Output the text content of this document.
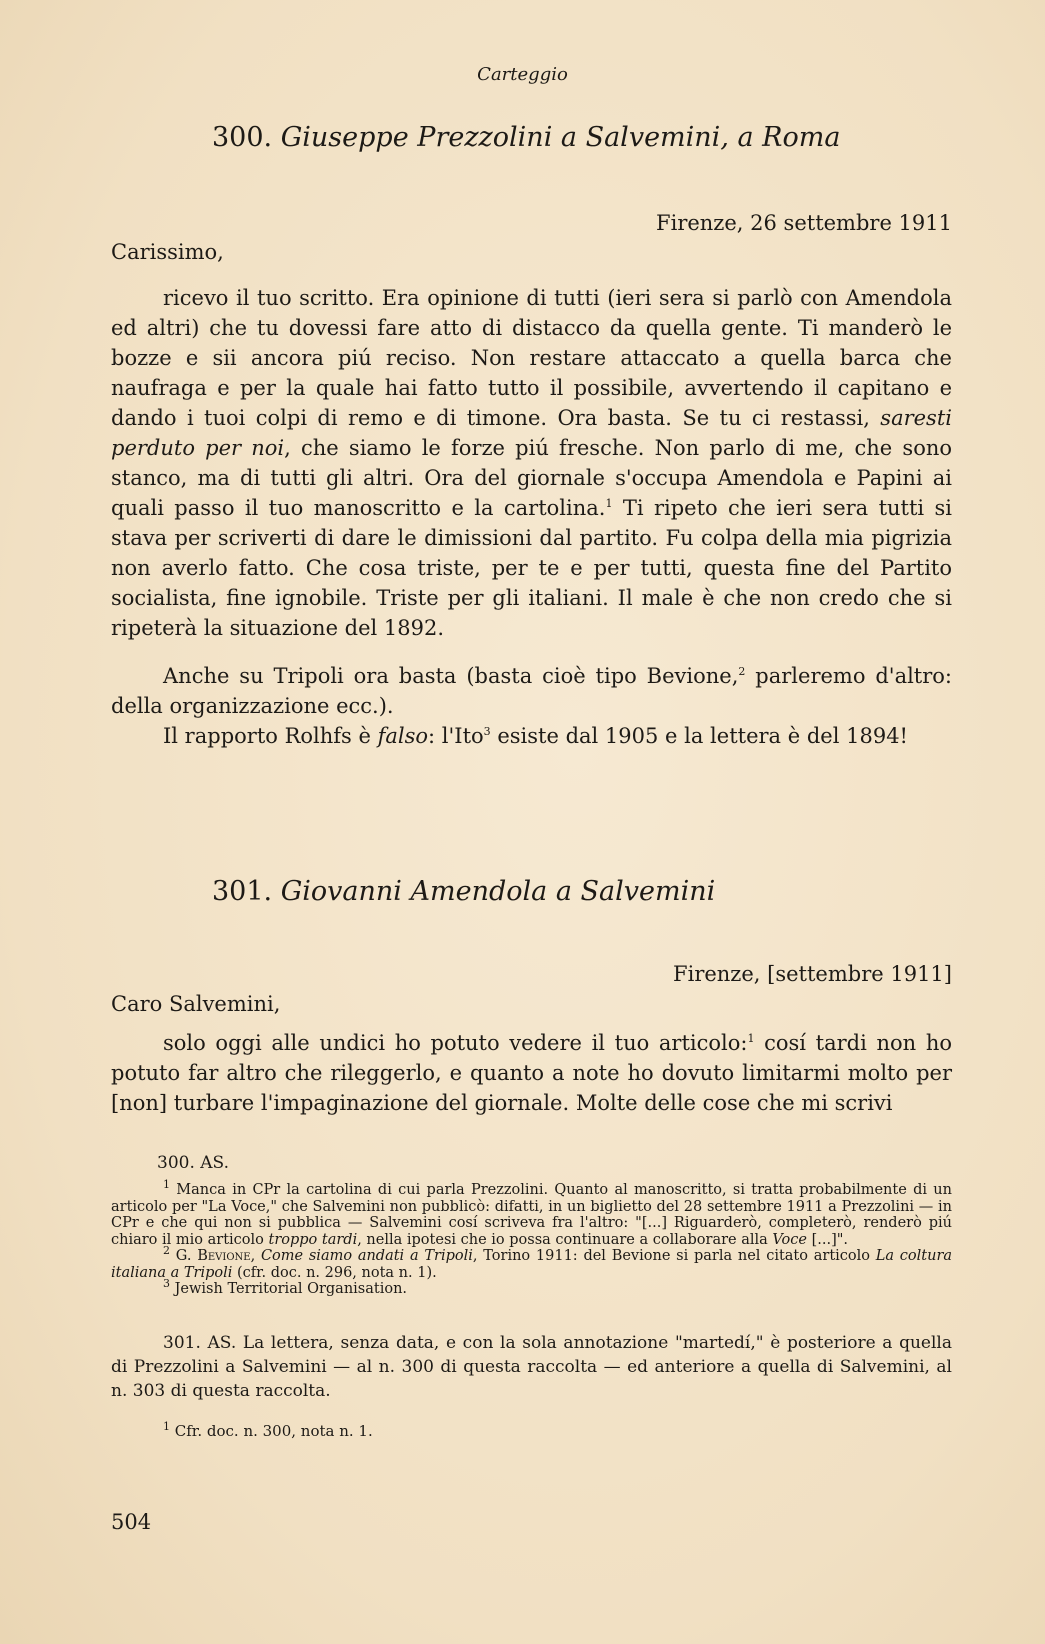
Carteggio
300. Giuseppe Prezzolini a Salvemini, a Roma
Firenze, 26 settembre 1911
Carissimo,

ricevo il tuo scritto. Era opinione di tutti (ieri sera si parlò con Amendola ed altri) che tu dovessi fare atto di distacco da quella gente. Ti manderò le bozze e sii ancora piú reciso. Non restare attaccato a quella barca che naufraga e per la quale hai fatto tutto il possibile, avvertendo il capitano e dando i tuoi colpi di remo e di timone. Ora basta. Se tu ci restassi, saresti perduto per noi, che siamo le forze piú fresche. Non parlo di me, che sono stanco, ma di tutti gli altri. Ora del giornale s'occupa Amendola e Papini ai quali passo il tuo manoscritto e la cartolina.$^1$ Ti ripeto che ieri sera tutti si stava per scriverti di dare le dimissioni dal partito. Fu colpa della mia pigrizia non averlo fatto. Che cosa triste, per te e per tutti, questa fine del Partito socialista, fine ignobile. Triste per gli italiani. Il male è che non credo che si ripeterà la situazione del 1892.

Anche su Tripoli ora basta (basta cioè tipo Bevione,$^2$ parleremo d'altro: della organizzazione ecc.).

Il rapporto Rolhfs è falso: l'Ito$^3$ esiste dal 1905 e la lettera è del 1894!

301. Giovanni Amendola a Salvemini
Firenze, [settembre 1911]
Caro Salvemini,

solo oggi alle undici ho potuto vedere il tuo articolo:$^1$ cosí tardi non ho potuto far altro che rileggerlo, e quanto a note ho dovuto limitarmi molto per [non] turbare l'impaginazione del giornale. Molte delle cose che mi scrivi

300. AS.

$^1$ Manca in CPr la cartolina di cui parla Prezzolini. Quanto al manoscritto, si tratta probabilmente di un articolo per "La Voce," che Salvemini non pubblicò: difatti, in un biglietto del 28 settembre 1911 a Prezzolini — in CPr e che qui non si pubblica — Salvemini cosí scriveva fra l'altro: "[...] Riguarderò, completerò, renderò piú chiaro il mio articolo troppo tardi, nella ipotesi che io possa continuare a collaborare alla Voce [...]".

$^2$ G. Bevione, Come siamo andati a Tripoli, Torino 1911: del Bevione si parla nel citato articolo La coltura italiana a Tripoli (cfr. doc. n. 296, nota n. 1).

$^3$ Jewish Territorial Organisation.

301. AS. La lettera, senza data, e con la sola annotazione "martedí," è posteriore a quella di Prezzolini a Salvemini — al n. 300 di questa raccolta — ed anteriore a quella di Salvemini, al n. 303 di questa raccolta.

$^1$ Cfr. doc. n. 300, nota n. 1.
504
